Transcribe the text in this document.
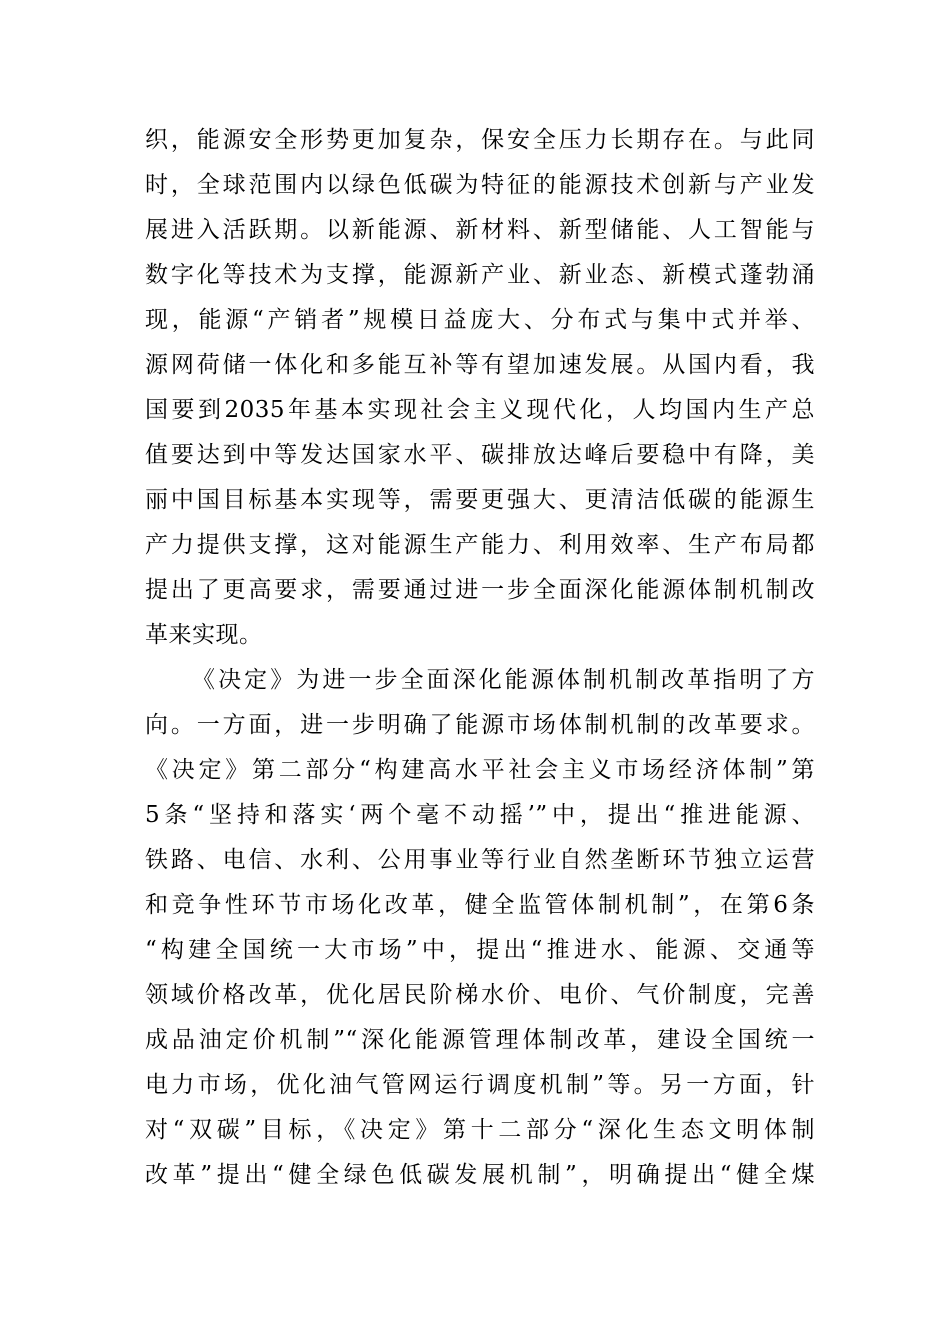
织，能源安全形势更加复杂，保安全压力长期存在。与此同
时，全球范围内以绿色低碳为特征的能源技术创新与产业发
展进入活跃期。以新能源、新材料、新型储能、人工智能与
数字化等技术为支撑，能源新产业、新业态、新模式蓬勃涌
现，能源“产销者”规模日益庞大、分布式与集中式并举、
源网荷储一体化和多能互补等有望加速发展。从国内看，我
国要到2035年基本实现社会主义现代化，人均国内生产总
值要达到中等发达国家水平、碳排放达峰后要稳中有降，美
丽中国目标基本实现等，需要更强大、更清洁低碳的能源生
产力提供支撑，这对能源生产能力、利用效率、生产布局都
提出了更高要求，需要通过进一步全面深化能源体制机制改
革来实现。
《决定》为进一步全面深化能源体制机制改革指明了方
向。一方面，进一步明确了能源市场体制机制的改革要求。
《决定》第二部分“构建高水平社会主义市场经济体制”第
5条“坚持和落实‘两个毫不动摇’”中，提出“推进能源、
铁路、电信、水利、公用事业等行业自然垄断环节独立运营
和竞争性环节市场化改革，健全监管体制机制”，在第6条
“构建全国统一大市场”中，提出“推进水、能源、交通等
领域价格改革，优化居民阶梯水价、电价、气价制度，完善
成品油定价机制”“深化能源管理体制改革，建设全国统一
电力市场，优化油气管网运行调度机制”等。另一方面，针
对“双碳”目标，《决定》第十二部分“深化生态文明体制
改革”提出“健全绿色低碳发展机制”，明确提出“健全煤
